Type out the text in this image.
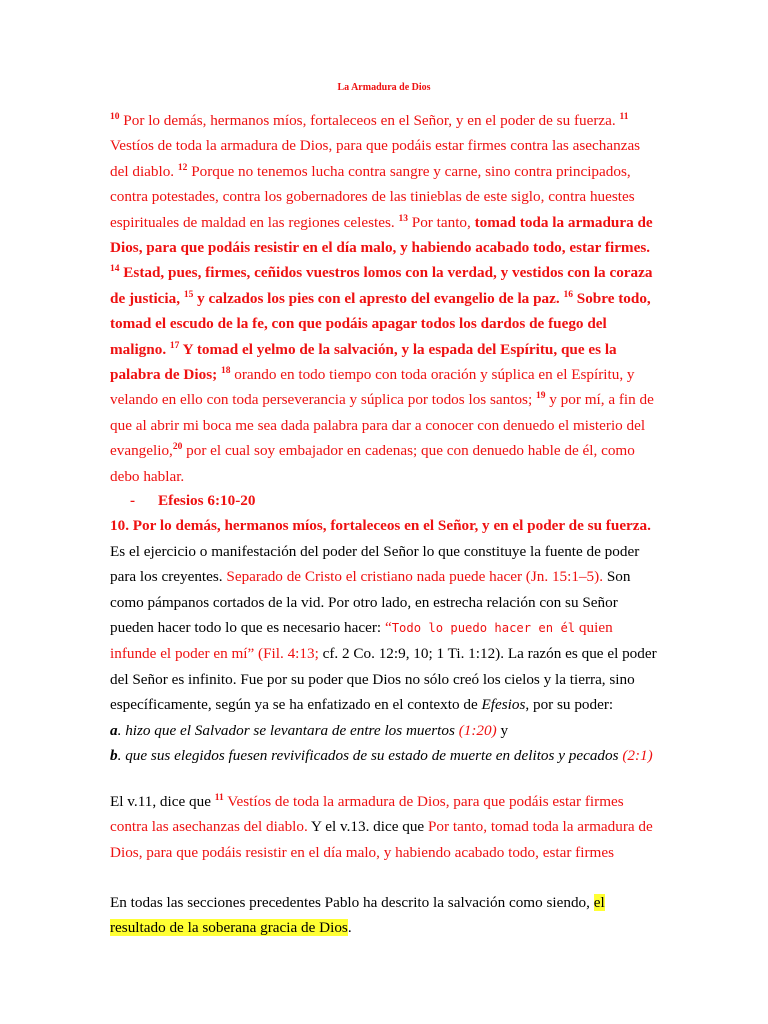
La Armadura de Dios
$^{10}$ Por lo demás, hermanos míos, fortaleceos en el Señor, y en el poder de su fuerza. $^{11}$ Vestíos de toda la armadura de Dios, para que podáis estar firmes contra las asechanzas del diablo. $^{12}$ Porque no tenemos lucha contra sangre y carne, sino contra principados, contra potestades, contra los gobernadores de las tinieblas de este siglo, contra huestes espirituales de maldad en las regiones celestes. $^{13}$ Por tanto, tomad toda la armadura de Dios, para que podáis resistir en el día malo, y habiendo acabado todo, estar firmes. $^{14}$ Estad, pues, firmes, ceñidos vuestros lomos con la verdad, y vestidos con la coraza de justicia, $^{15}$ y calzados los pies con el apresto del evangelio de la paz. $^{16}$ Sobre todo, tomad el escudo de la fe, con que podáis apagar todos los dardos de fuego del maligno. $^{17}$ Y tomad el yelmo de la salvación, y la espada del Espíritu, que es la palabra de Dios; $^{18}$ orando en todo tiempo con toda oración y súplica en el Espíritu, y velando en ello con toda perseverancia y súplica por todos los santos; $^{19}$ y por mí, a fin de que al abrir mi boca me sea dada palabra para dar a conocer con denuedo el misterio del evangelio,$^{20}$ por el cual soy embajador en cadenas; que con denuedo hable de él, como debo hablar.
- Efesios 6:10-20
10. Por lo demás, hermanos míos, fortaleceos en el Señor, y en el poder de su fuerza.
Es el ejercicio o manifestación del poder del Señor lo que constituye la fuente de poder para los creyentes. Separado de Cristo el cristiano nada puede hacer (Jn. 15:1–5). Son como pámpanos cortados de la vid. Por otro lado, en estrecha relación con su Señor pueden hacer todo lo que es necesario hacer: “Todo lo puedo hacer en él quien infunde el poder en mí” (Fil. 4:13; cf. 2 Co. 12:9, 10; 1 Ti. 1:12). La razón es que el poder del Señor es infinito. Fue por su poder que Dios no sólo creó los cielos y la tierra, sino específicamente, según ya se ha enfatizado en el contexto de Efesios, por su poder:
a. hizo que el Salvador se levantara de entre los muertos (1:20) y
b. que sus elegidos fuesen revivificados de su estado de muerte en delitos y pecados (2:1)
El v.11, dice que $^{11}$ Vestíos de toda la armadura de Dios, para que podáis estar firmes contra las asechanzas del diablo. Y el v.13. dice que Por tanto, tomad toda la armadura de Dios, para que podáis resistir en el día malo, y habiendo acabado todo, estar firmes
En todas las secciones precedentes Pablo ha descrito la salvación como siendo, el resultado de la soberana gracia de Dios.
